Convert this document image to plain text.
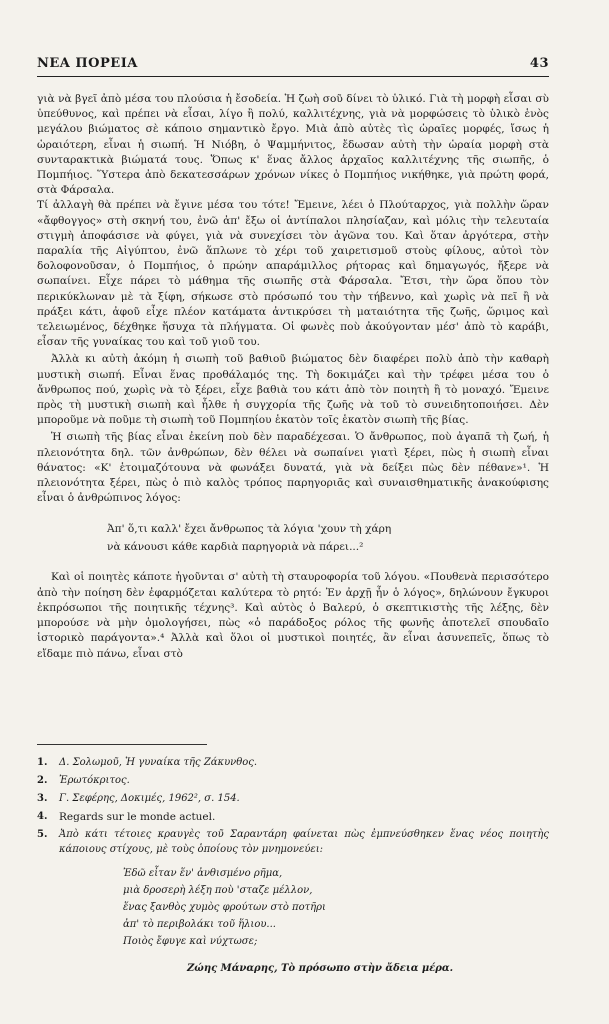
ΝΕΑ ΠΟΡΕΙΑ	43

γιὰ νὰ βγεῖ ἀπὸ μέσα του πλούσια ἡ ἔσοδεία. Ἡ ζωὴ σοῦ δίνει τὸ ὑλικό. Γιὰ τὴ μορφὴ εἶσαι σὺ ὑπεύθυνος, καὶ πρέπει νὰ εἶσαι, λίγο ἢ πολύ, καλλιτέχνης, γιὰ νὰ μορφώσεις τὸ ὑλικὸ ἑνὸς μεγάλου βιώματος σὲ κάποιο σημαντικὸ ἔργο. Μιὰ ἀπὸ αὐτὲς τὶς ὡραῖες μορφές, ἴσως ἡ ὡραιότερη, εἶναι ἡ σιωπή. Ἡ Νιόβη, ὁ Ψαμμήνιτος, ἔδωσαν αὐτὴ τὴν ὡραία μορφὴ στὰ συνταρακτικὰ βιώματά τους. Ὅπως κ' ἕνας ἄλλος ἀρχαῖος καλλιτέχνης τῆς σιωπῆς, ὁ Πομπήιος. Ὕστερα ἀπὸ δεκατεσσάρων χρόνων νίκες ὁ Πομπήιος νικήθηκε, γιὰ πρώτη φορά, στὰ Φάρσαλα.

Τί ἀλλαγὴ θὰ πρέπει νὰ ἔγινε μέσα του τότε! Ἔμεινε, λέει ὁ Πλούταρχος, γιὰ πολλὴν ὥραν «ἄφθογγος» στὴ σκηνή του, ἐνῶ ἀπ' ἔξω οἱ ἀντίπαλοι πλησίαζαν, καὶ μόλις τὴν τελευταία στιγμὴ ἀποφάσισε νὰ φύγει, γιὰ νὰ συνεχίσει τὸν ἀγῶνα του. Καὶ ὅταν ἀργότερα, στὴν παραλία τῆς Αἰγύπτου, ἐνῶ ἅπλωνε τὸ χέρι τοῦ χαιρετισμοῦ στοὺς φίλους, αὐτοὶ τὸν δολοφονοῦσαν, ὁ Πομπήιος, ὁ πρώην απαράμιλλος ρήτορας καὶ δημαγωγός, ἤξερε νὰ σωπαίνει. Εἶχε πάρει τὸ μάθημα τῆς σιωπῆς στὰ Φάρσαλα. Ἔτσι, τὴν ὥρα ὅπου τὸν περικύκλωναν μὲ τὰ ξίφη, σήκωσε στὸ πρόσωπό του τὴν τήβεννο, καὶ χωρὶς νὰ πεῖ ἢ νὰ πράξει κάτι, ἀφοῦ εἶχε πλέον κατάματα ἀντικρύσει τὴ ματαιότητα τῆς ζωῆς, ὥριμος καὶ τελειωμένος, δέχθηκε ἥσυχα τὰ πλήγματα. Οἱ φωνὲς ποὺ ἀκούγονταν μέσ' ἀπὸ τὸ καράβι, εἶσαν τῆς γυναίκας του καὶ τοῦ γιοῦ του.

Ἀλλὰ κι αὐτὴ ἀκόμη ἡ σιωπὴ τοῦ βαθιοῦ βιώματος δὲν διαφέρει πολὺ ἀπὸ τὴν καθαρὴ μυστικὴ σιωπή. Εἶναι ἕνας προθάλαμός της. Τὴ δοκιμάζει καὶ τὴν τρέφει μέσα του ὁ ἄνθρωπος πού, χωρὶς νὰ τὸ ξέρει, εἶχε βαθιὰ του κάτι ἀπὸ τὸν ποιητὴ ἢ τὸ μοναχό. Ἔμεινε πρὸς τὴ μυστικὴ σιωπὴ καὶ ἦλθε ἡ συγχορία τῆς ζωῆς νὰ τοῦ τὸ συνειδητοποιήσει. Δὲν μποροῦμε νὰ ποῦμε τὴ σιωπὴ τοῦ Πομπηίου ἑκατὸν τοῖς ἑκατὸν σιωπὴ τῆς βίας.

Ἡ σιωπὴ τῆς βίας εἶναι ἐκείνη ποὺ δὲν παραδέχεσαι. Ὁ ἄνθρωπος, ποὺ ἀγαπᾶ τὴ ζωή, ἡ πλειονότητα δηλ. τῶν ἀνθρώπων, δὲν θέλει νὰ σωπαίνει γιατὶ ξέρει, πὼς ἡ σιωπὴ εἶναι θάνατος: «Κ' ἑτοιμαζότουνα νὰ φωνάξει δυνατά, γιὰ νὰ δείξει πὼς δὲν πέθανε»¹. Ἡ πλειονότητα ξέρει, πὼς ὁ πιὸ καλὸς τρόπος παρηγοριᾶς καὶ συναισθηματικῆς ἀνακούφισης εἶναι ὁ ἀνθρώπινος λόγος:

Ἀπ' ὅ,τι καλλ' ἔχει ἄνθρωπος τὰ λόγια 'χουν τὴ χάρη
νὰ κάνουσι κάθε καρδιὰ παρηγοριὰ νὰ πάρει...²

Καὶ οἱ ποιητὲς κάποτε ἡγοῦνται σ' αὐτὴ τὴ σταυροφορία τοῦ λόγου. «Πουθενὰ περισσότερο ἀπὸ τὴν ποίηση δὲν ἐφαρμόζεται καλύτερα τὸ ρητό: Ἐν ἀρχῇ ἦν ὁ λόγος», δηλώνουν ἔγκυροι ἐκπρόσωποι τῆς ποιητικῆς τέχνης³. Καὶ αὐτὸς ὁ Βαλερύ, ὁ σκεπτικιστὴς τῆς λέξης, δὲν μπορούσε νὰ μὴν ὁμολογήσει, πὼς «ὁ παράδοξος ρόλος τῆς φωνῆς ἀποτελεῖ σπουδαῖο ἱστορικὸ παράγοντα».⁴ Ἀλλὰ καὶ ὅλοι οἱ μυστικοὶ ποιητές, ἂν εἶναι ἀσυνεπεῖς, ὅπως τὸ εἴδαμε πιὸ πάνω, εἶναι στὸ

1.	Δ. Σολωμοῦ, Ἡ γυναίκα τῆς Ζάκυνθος.
2.	Ἐρωτόκριτος.
3.	Γ. Σεφέρης, Δοκιμές, 1962², σ. 154.
4.	Regards sur le monde actuel.
5.	Ἀπὸ κάτι τέτοιες κραυγὲς τοῦ Σαραντάρη φαίνεται πὼς ἐμπνεύσθηκεν ἕνας νέος ποιητὴς κάποιους στίχους, μὲ τοὺς ὁποίους τὸν μνημονεύει:
Ἐδῶ εἶταν ἕν' ἀνθισμένο ρῆμα,
μιὰ δροσερὴ λέξη ποὺ 'σταζε μέλλον,
ἕνας ξανθὸς χυμὸς φρούτων στὸ ποτῆρι
ἀπ' τὸ περιβολάκι τοῦ ἥλιου...
Ποιὸς ἔφυγε καὶ νύχτωσε;
Ζώης Μάναρης, Τὸ πρόσωπο στὴν ἄδεια μέρα.
